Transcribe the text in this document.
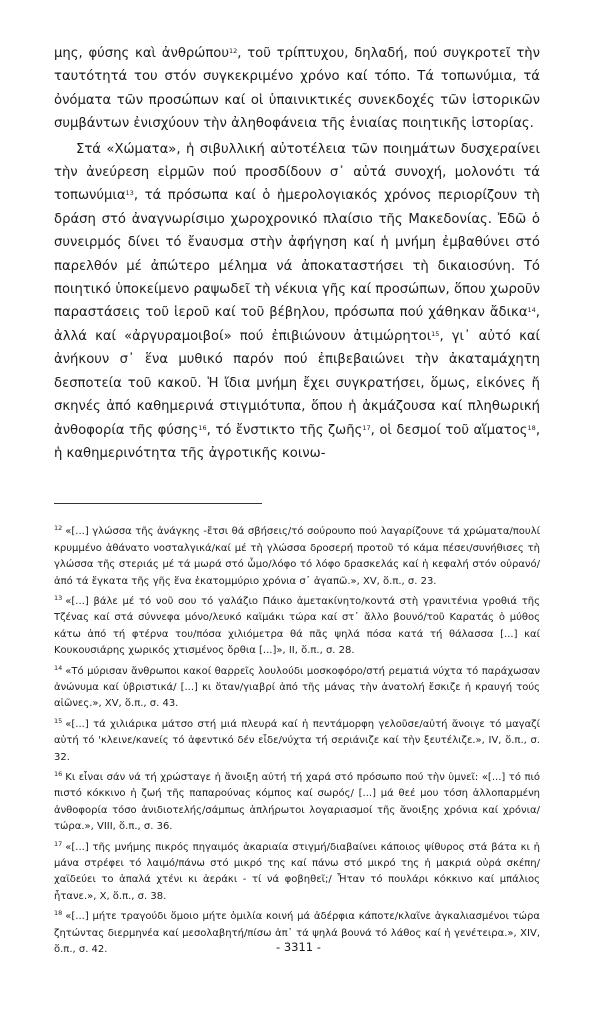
μης, φύσης καὶ ἀνθρώπου$^{12}$, τοῦ τρίπτυχου, δηλαδή, πού συγκροτεῖ τὴν ταυτότητά του στόν συγκεκριμένο χρόνο καί τόπο. Τά τοπωνύμια, τά ὀνόματα τῶν προσώπων καί οἱ ὑπαινικτικές συνεκδοχές τῶν ἱστορικῶν συμβάντων ἐνισχύουν τὴν ἀληθοφάνεια τῆς ἑνιαίας ποιητικῆς ἱστορίας.

Στά «Χώματα», ἡ σιβυλλική αὐτοτέλεια τῶν ποιημάτων δυσχεραίνει τὴν ἀνεύρεση εἱρμῶν πού προσδίδουν σ᾽ αὐτά συνοχή, μολονότι τά τοπωνύμια$^{13}$, τά πρόσωπα καί ὁ ἡμερολογιακός χρόνος περιορίζουν τὴ δράση στό ἀναγνωρίσιμο χωροχρονικό πλαίσιο τῆς Μακεδονίας. Ἐδῶ ὁ συνειρμός δίνει τό ἔναυσμα στὴν ἀφήγηση καί ἡ μνήμη ἐμβαθύνει στό παρελθόν μέ ἀπώτερο μέλημα νά ἀποκαταστήσει τὴ δικαιοσύνη. Τό ποιητικό ὑποκείμενο ραψωδεῖ τὴ νέκυια γῆς καί προσώπων, ὅπου χωροῦν παραστάσεις τοῦ ἱεροῦ καί τοῦ βέβηλου, πρόσωπα πού χάθηκαν ἄδικα$^{14}$, ἀλλά καί «ἀργυραμοιβοί» πού ἐπιβιώνουν ἀτιμώρητοι$^{15}$, γι᾽ αὐτό καί ἀνήκουν σ᾽ ἕνα μυθικό παρόν πού ἐπιβεβαιώνει τὴν ἀκαταμάχητη δεσποτεία τοῦ κακοῦ. Ἡ ἴδια μνήμη ἔχει συγκρατήσει, ὅμως, εἰκόνες ἤ σκηνές ἀπό καθημερινά στιγμιότυπα, ὅπου ἡ ἀκμάζουσα καί πληθωρική ἀνθοφορία τῆς φύσης$^{16}$, τό ἔνστικτο τῆς ζωῆς$^{17}$, οἱ δεσμοί τοῦ αἵματος$^{18}$, ἡ καθημερινότητα τῆς ἀγροτικῆς κοινω-

$^{12}$ «[...] γλώσσα τῆς ἀνάγκης -ἔτσι θά σβήσεις/τό σούρουπο πού λαγαρίζουνε τά χρώματα/πουλί κρυμμένο ἀθάνατο νοσταλγικά/καί μέ τὴ γλώσσα δροσερή προτοῦ τό κάμα πέσει/συνήθισες τὴ γλώσσα τῆς στεριάς μέ τά μωρά στό ὦμο/λόφο τό λόφο δρασκελάς καί ἡ κεφαλή στόν οὐρανό/ἀπό τά ἔγκατα τῆς γῆς ἕνα ἑκατομμύριο χρόνια σ᾽ ἀγαπῶ.», XV, ὅ.π., σ. 23.

$^{13}$ «[...] βάλε μέ τό νοῦ σου τό γαλάζιο Πάικο ἀμετακίνητο/κοντά στὴ γρανιτένια γροθιά τῆς Τζένας καί στά σύννεφα μόνο/λευκό καϊμάκι τώρα καί στ᾽ ἄλλο βουνό/τοῦ Καρατάς ὁ μύθος κάτω ἀπό τή φτέρνα του/πόσα χιλιόμετρα θά πᾶς ψηλά πόσα κατά τή θάλασσα [...] καί Κουκουσιάρης χωρικός χτισμένος ὄρθια [...]», II, ὅ.π., σ. 28.

$^{14}$ «Τό μύρισαν ἄνθρωποι κακοί θαρρεῖς λουλούδι μοσκοφόρο/στή ρεματιά νύχτα τό παράχωσαν ἀνώνυμα καί ὑβριστικά/ [...] κι ὅταν/γιαβρί ἀπό τῆς μάνας τὴν ἀνατολή ἔσκιζε ἡ κραυγή τούς αἰῶνες.», XV, ὅ.π., σ. 43.

$^{15}$ «[...] τά χιλιάρικα μάτσο στή μιά πλευρά καί ἡ πεντάμορφη γελοῦσε/αὐτή ἄνοιγε τό μαγαζί αὐτή τό 'κλεινε/κανείς τό ἀφεντικό δέν εἶδε/νύχτα τή σεριάνιζε καί τὴν ξευτέλιζε.», IV, ὅ.π., σ. 32.

$^{16}$ Κι εἶναι σάν νά τή χρώσταγε ἡ ἄνοιξη αὐτή τή χαρά στό πρόσωπο πού τὴν ὑμνεῖ: «[...] τό πιό πιστό κόκκινο ἡ ζωή τῆς παπαρούνας κόμπος καί σωρός/ [...] μά θεέ μου τόση ἀλλοπαρμένη ἀνθοφορία τόσο ἀνιδιοτελής/σάμπως ἀπλήρωτοι λογαριασμοί τῆς ἄνοιξης χρόνια καί χρόνια/τώρα.», VIII, ὅ.π., σ. 36.

$^{17}$ «[...] τῆς μνήμης πικρός πηγαιμός ἀκαριαία στιγμή/διαβαίνει κάποιος ψίθυρος στά βάτα κι ἡ μάνα στρέφει τό λαιμό/πάνω στό μικρό της καί πάνω στό μικρό της ἡ μακριά οὐρά σκέπη/χαϊδεύει το ἀπαλά χτένι κι ἀεράκι - τί νά φοβηθεῖ;/ Ἦταν τό πουλάρι κόκκινο καί μπάλιος ἦτανε.», X, ὅ.π., σ. 38.

$^{18}$ «[...] μήτε τραγούδι ὅμοιο μήτε ὁμιλία κοινή μά ἀδέρφια κάποτε/κλαῖνε ἀγκαλιασμένοι τώρα ζητώντας διερμηνέα καί μεσολαβητή/πίσω ἀπ᾽ τά ψηλά βουνά τό λάθος καί ἡ γενέτειρα.», XIV, ὅ.π., σ. 42.	- 3311 -
